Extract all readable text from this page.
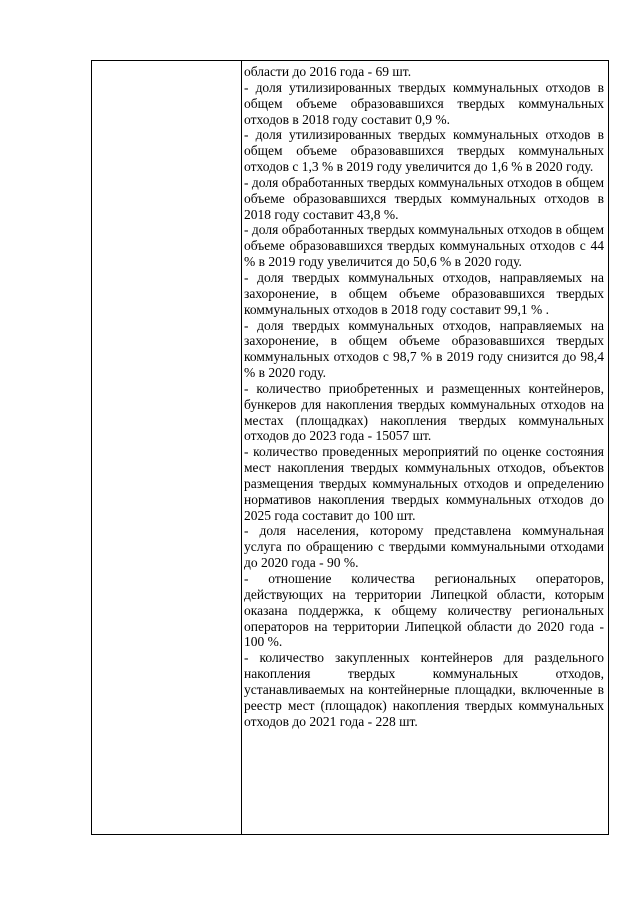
области до 2016 года - 69 шт.

- доля утилизированных твердых коммунальных отходов в общем объеме образовавшихся твердых коммунальных отходов в 2018 году составит 0,9 %.

- доля утилизированных твердых коммунальных отходов в общем объеме образовавшихся твердых коммунальных отходов с 1,3 % в 2019 году увеличится до 1,6 % в 2020 году.

- доля обработанных твердых коммунальных отходов в общем объеме образовавшихся твердых коммунальных отходов в 2018 году составит 43,8 %.

- доля обработанных твердых коммунальных отходов в общем объеме образовавшихся твердых коммунальных отходов с 44 % в 2019 году увеличится до 50,6 % в 2020 году.

- доля твердых коммунальных отходов, направляемых на захоронение, в общем объеме образовавшихся твердых коммунальных отходов в 2018 году составит 99,1 % .

- доля твердых коммунальных отходов, направляемых на захоронение, в общем объеме образовавшихся твердых коммунальных отходов с 98,7 % в 2019 году снизится до 98,4 % в 2020 году.

- количество приобретенных и размещенных контейнеров, бункеров для накопления твердых коммунальных отходов на местах (площадках) накопления твердых коммунальных отходов до 2023 года - 15057 шт.

- количество проведенных мероприятий по оценке состояния мест накопления твердых коммунальных отходов, объектов размещения твердых коммунальных отходов и определению нормативов накопления твердых коммунальных отходов до 2025 года составит до 100 шт.

- доля населения, которому представлена коммунальная услуга по обращению с твердыми коммунальными отходами до 2020 года - 90 %.

- отношение количества региональных операторов, действующих на территории Липецкой области, которым оказана поддержка, к общему количеству региональных операторов на территории Липецкой области до 2020 года - 100 %.

- количество закупленных контейнеров для раздельного накопления твердых коммунальных отходов, устанавливаемых на контейнерные площадки, включенные в реестр мест (площадок) накопления твердых коммунальных отходов до 2021 года - 228 шт.
